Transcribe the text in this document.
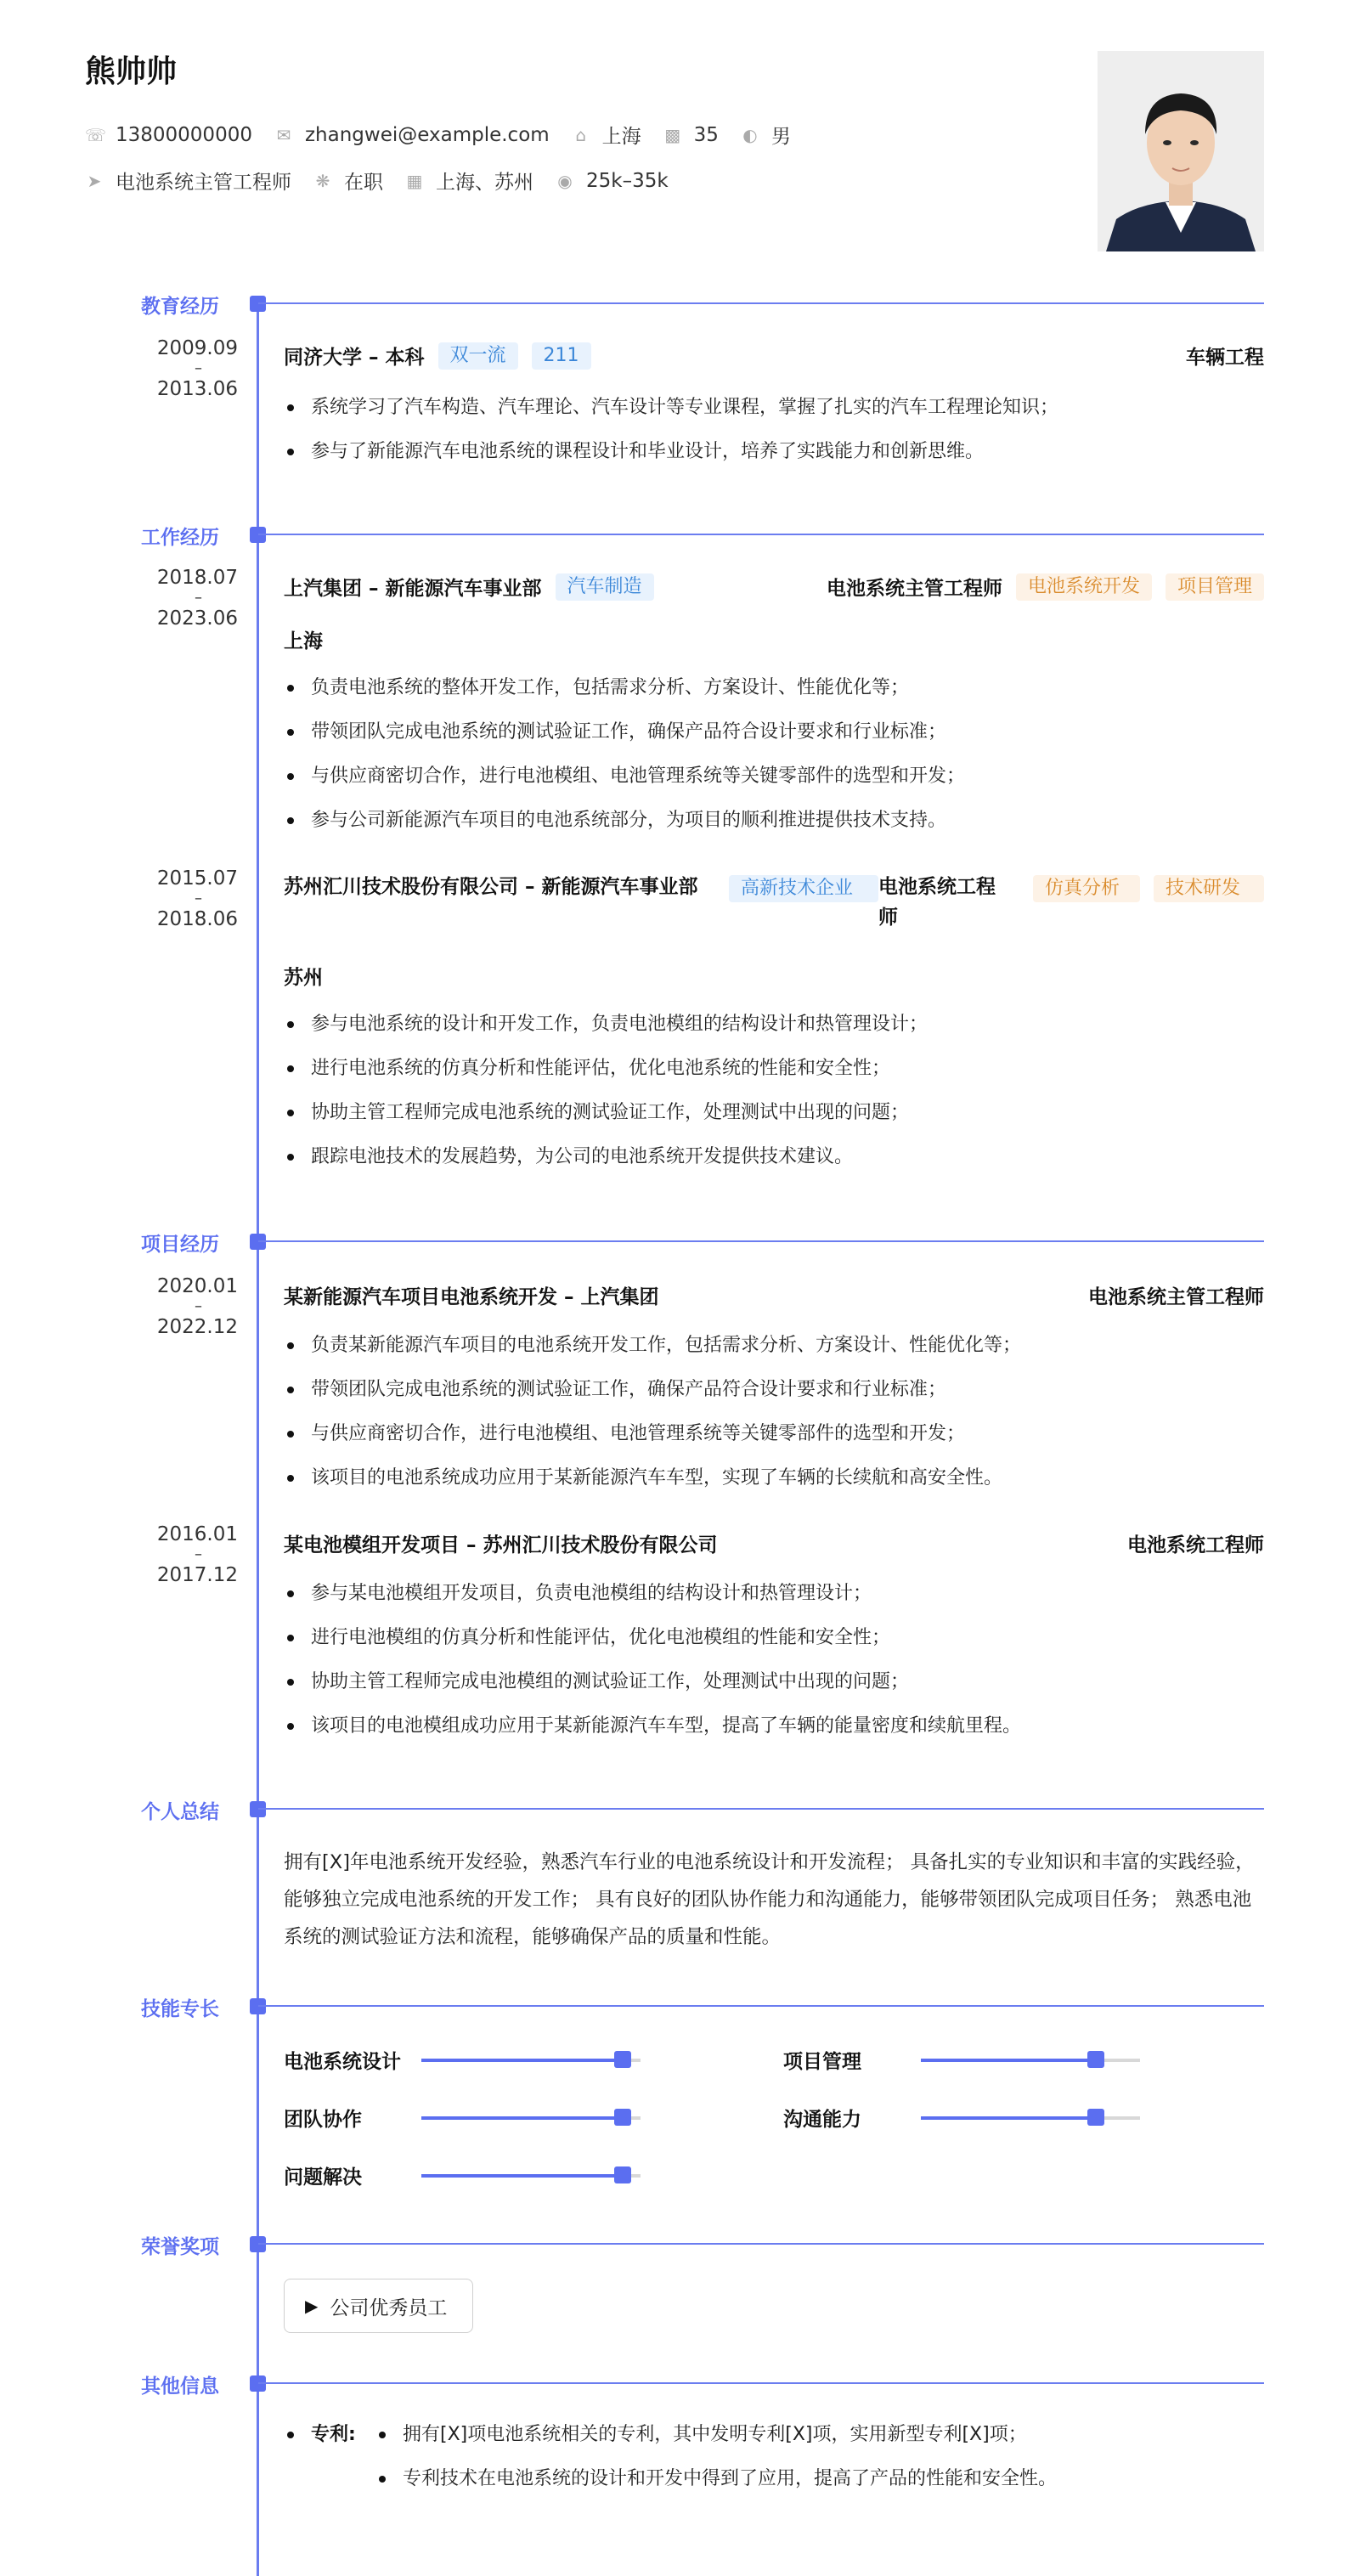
熊帅帅
☏ 13800000000 ✉ zhangwei@example.com ⌂ 上海 ▩ 35 ◐ 男
➤ 电池系统主管工程师 ❋ 在职 ▦ 上海、苏州 ◉ 25k–35k
教育经历
2009.09
–
2013.06
同济大学 – 本科	双一流	211	车辆工程
系统学习了汽车构造、汽车理论、汽车设计等专业课程，掌握了扎实的汽车工程理论知识；
参与了新能源汽车电池系统的课程设计和毕业设计，培养了实践能力和创新思维。
工作经历
2018.07
–
2023.06
上汽集团 – 新能源汽车事业部	汽车制造	电池系统主管工程师	电池系统开发	项目管理
上海
负责电池系统的整体开发工作，包括需求分析、方案设计、性能优化等；
带领团队完成电池系统的测试验证工作，确保产品符合设计要求和行业标准；
与供应商密切合作，进行电池模组、电池管理系统等关键零部件的选型和开发；
参与公司新能源汽车项目的电池系统部分，为项目的顺利推进提供技术支持。
2015.07
–
2018.06
苏州汇川技术股份有限公司 – 新能源汽车事业部	高新技术企业	电池系统工程师
仿真分析	技术研发
苏州
参与电池系统的设计和开发工作，负责电池模组的结构设计和热管理设计；
进行电池系统的仿真分析和性能评估，优化电池系统的性能和安全性；
协助主管工程师完成电池系统的测试验证工作，处理测试中出现的问题；
跟踪电池技术的发展趋势，为公司的电池系统开发提供技术建议。
项目经历
2020.01
–
2022.12
某新能源汽车项目电池系统开发 – 上汽集团	电池系统主管工程师
负责某新能源汽车项目的电池系统开发工作，包括需求分析、方案设计、性能优化等；
带领团队完成电池系统的测试验证工作，确保产品符合设计要求和行业标准；
与供应商密切合作，进行电池模组、电池管理系统等关键零部件的选型和开发；
该项目的电池系统成功应用于某新能源汽车车型，实现了车辆的长续航和高安全性。
2016.01
–
2017.12
某电池模组开发项目 – 苏州汇川技术股份有限公司	电池系统工程师
参与某电池模组开发项目，负责电池模组的结构设计和热管理设计；
进行电池模组的仿真分析和性能评估，优化电池模组的性能和安全性；
协助主管工程师完成电池模组的测试验证工作，处理测试中出现的问题；
该项目的电池模组成功应用于某新能源汽车车型，提高了车辆的能量密度和续航里程。
个人总结
拥有[X]年电池系统开发经验，熟悉汽车行业的电池系统设计和开发流程； 具备扎实的专业知识和丰富的实践经验，能够独立完成电池系统的开发工作； 具有良好的团队协作能力和沟通能力，能够带领团队完成项目任务； 熟悉电池系统的测试验证方法和流程，能够确保产品的质量和性能。
技能专长
电池系统设计	项目管理
团队协作	沟通能力
问题解决
荣誉奖项
▶ 公司优秀员工
其他信息
专利:	拥有[X]项电池系统相关的专利，其中发明专利[X]项，实用新型专利[X]项；
专利技术在电池系统的设计和开发中得到了应用，提高了产品的性能和安全性。
